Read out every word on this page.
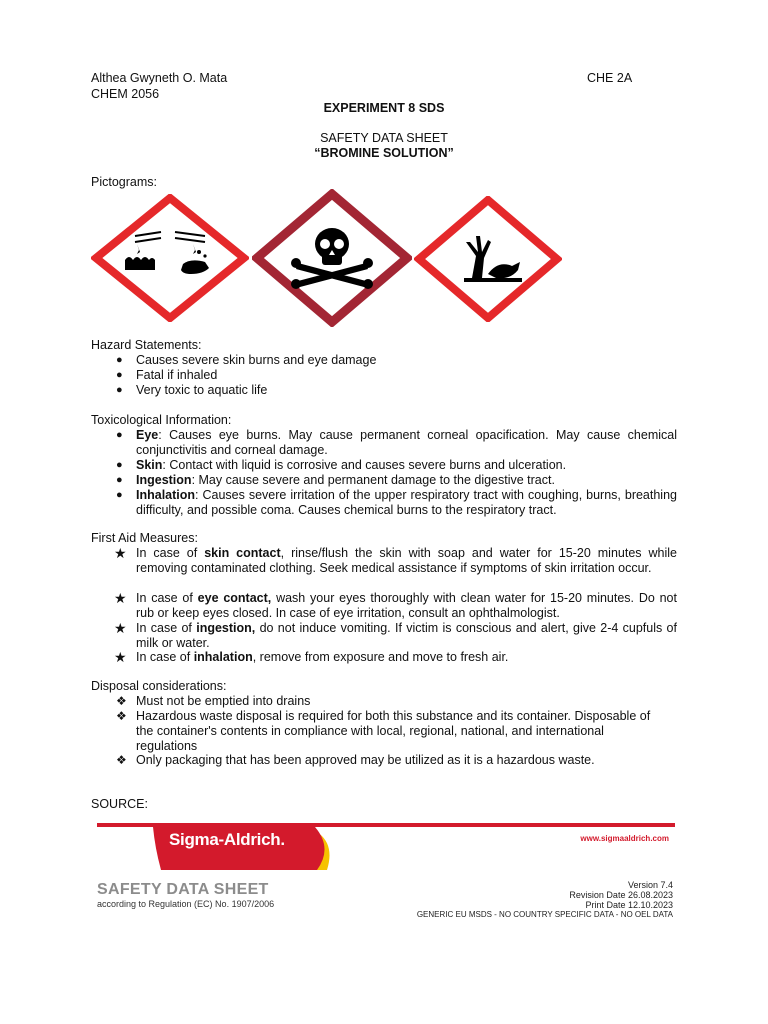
Althea Gwyneth O. Mata	CHE 2A
CHEM 2056
EXPERIMENT 8 SDS
SAFETY DATA SHEET
“BROMINE SOLUTION”
Pictograms:
Hazard Statements:
● Causes severe skin burns and eye damage
● Fatal if inhaled
● Very toxic to aquatic life
Toxicological Information:
● Eye: Causes eye burns. May cause permanent corneal opacification. May cause chemical conjunctivitis and corneal damage.
● Skin: Contact with liquid is corrosive and causes severe burns and ulceration.
● Ingestion: May cause severe and permanent damage to the digestive tract.
● Inhalation: Causes severe irritation of the upper respiratory tract with coughing, burns, breathing difficulty, and possible coma. Causes chemical burns to the respiratory tract.
First Aid Measures:
★ In case of skin contact, rinse/flush the skin with soap and water for 15-20 minutes while removing contaminated clothing. Seek medical assistance if symptoms of skin irritation occur.
★ In case of eye contact, wash your eyes thoroughly with clean water for 15-20 minutes. Do not rub or keep eyes closed. In case of eye irritation, consult an ophthalmologist.
★ In case of ingestion, do not induce vomiting. If victim is conscious and alert, give 2-4 cupfuls of milk or water.
★ In case of inhalation, remove from exposure and move to fresh air.
Disposal considerations:
❖ Must not be emptied into drains
❖ Hazardous waste disposal is required for both this substance and its container. Disposable of the container's contents in compliance with local, regional, national, and international regulations
❖ Only packaging that has been approved may be utilized as it is a hazardous waste.
SOURCE:
Sigma-Aldrich.	www.sigmaaldrich.com
SAFETY DATA SHEET
according to Regulation (EC) No. 1907/2006
Version 7.4
Revision Date 26.08.2023
Print Date 12.10.2023
GENERIC EU MSDS - NO COUNTRY SPECIFIC DATA - NO OEL DATA
